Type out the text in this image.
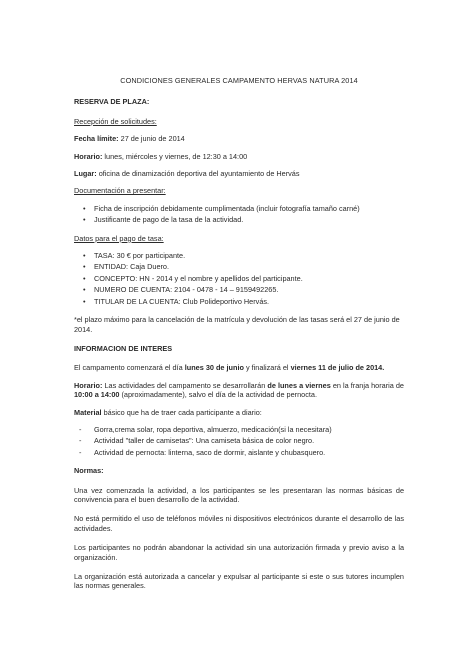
CONDICIONES GENERALES CAMPAMENTO HERVAS NATURA 2014
RESERVA DE PLAZA:
Recepción de solicitudes:
Fecha límite: 27 de junio de 2014
Horario: lunes, miércoles y viernes, de 12:30 a 14:00
Lugar: oficina de dinamización deportiva del ayuntamiento de Hervás
Documentación a presentar:
• Ficha de inscripción debidamente cumplimentada (incluir fotografía tamaño carné)
• Justificante de pago de la tasa de la actividad.
Datos para el pago de tasa:
• TASA: 30 € por participante.
• ENTIDAD: Caja Duero.
• CONCEPTO: HN - 2014 y el nombre y apellidos del participante.
• NUMERO DE CUENTA: 2104 - 0478 - 14 – 9159492265.
• TITULAR DE LA CUENTA: Club Polideportivo Hervás.
*el plazo máximo para la cancelación de la matrícula y devolución de las tasas será el 27 de junio de 2014.
INFORMACION DE INTERES
El campamento comenzará el día lunes 30 de junio y finalizará el viernes 11 de julio de 2014.
Horario: Las actividades del campamento se desarrollarán de lunes a viernes en la franja horaria de 10:00 a 14:00 (aproximadamente), salvo el día de la actividad de pernocta.
Material básico que ha de traer cada participante a diario:
- Gorra,crema solar, ropa deportiva, almuerzo, medicación(si la necesitara)
- Actividad "taller de camisetas": Una camiseta básica de color negro.
- Actividad de pernocta: linterna, saco de dormir, aislante y chubasquero.
Normas:
Una vez comenzada la actividad, a los participantes se les presentaran las normas básicas de convivencia para el buen desarrollo de la actividad.
No está permitido el uso de teléfonos móviles ni dispositivos electrónicos durante el desarrollo de las actividades.
Los participantes no podrán abandonar la actividad sin una autorización firmada y previo aviso a la organización.
La organización está autorizada a cancelar y expulsar al participante si este o sus tutores incumplen las normas generales.
